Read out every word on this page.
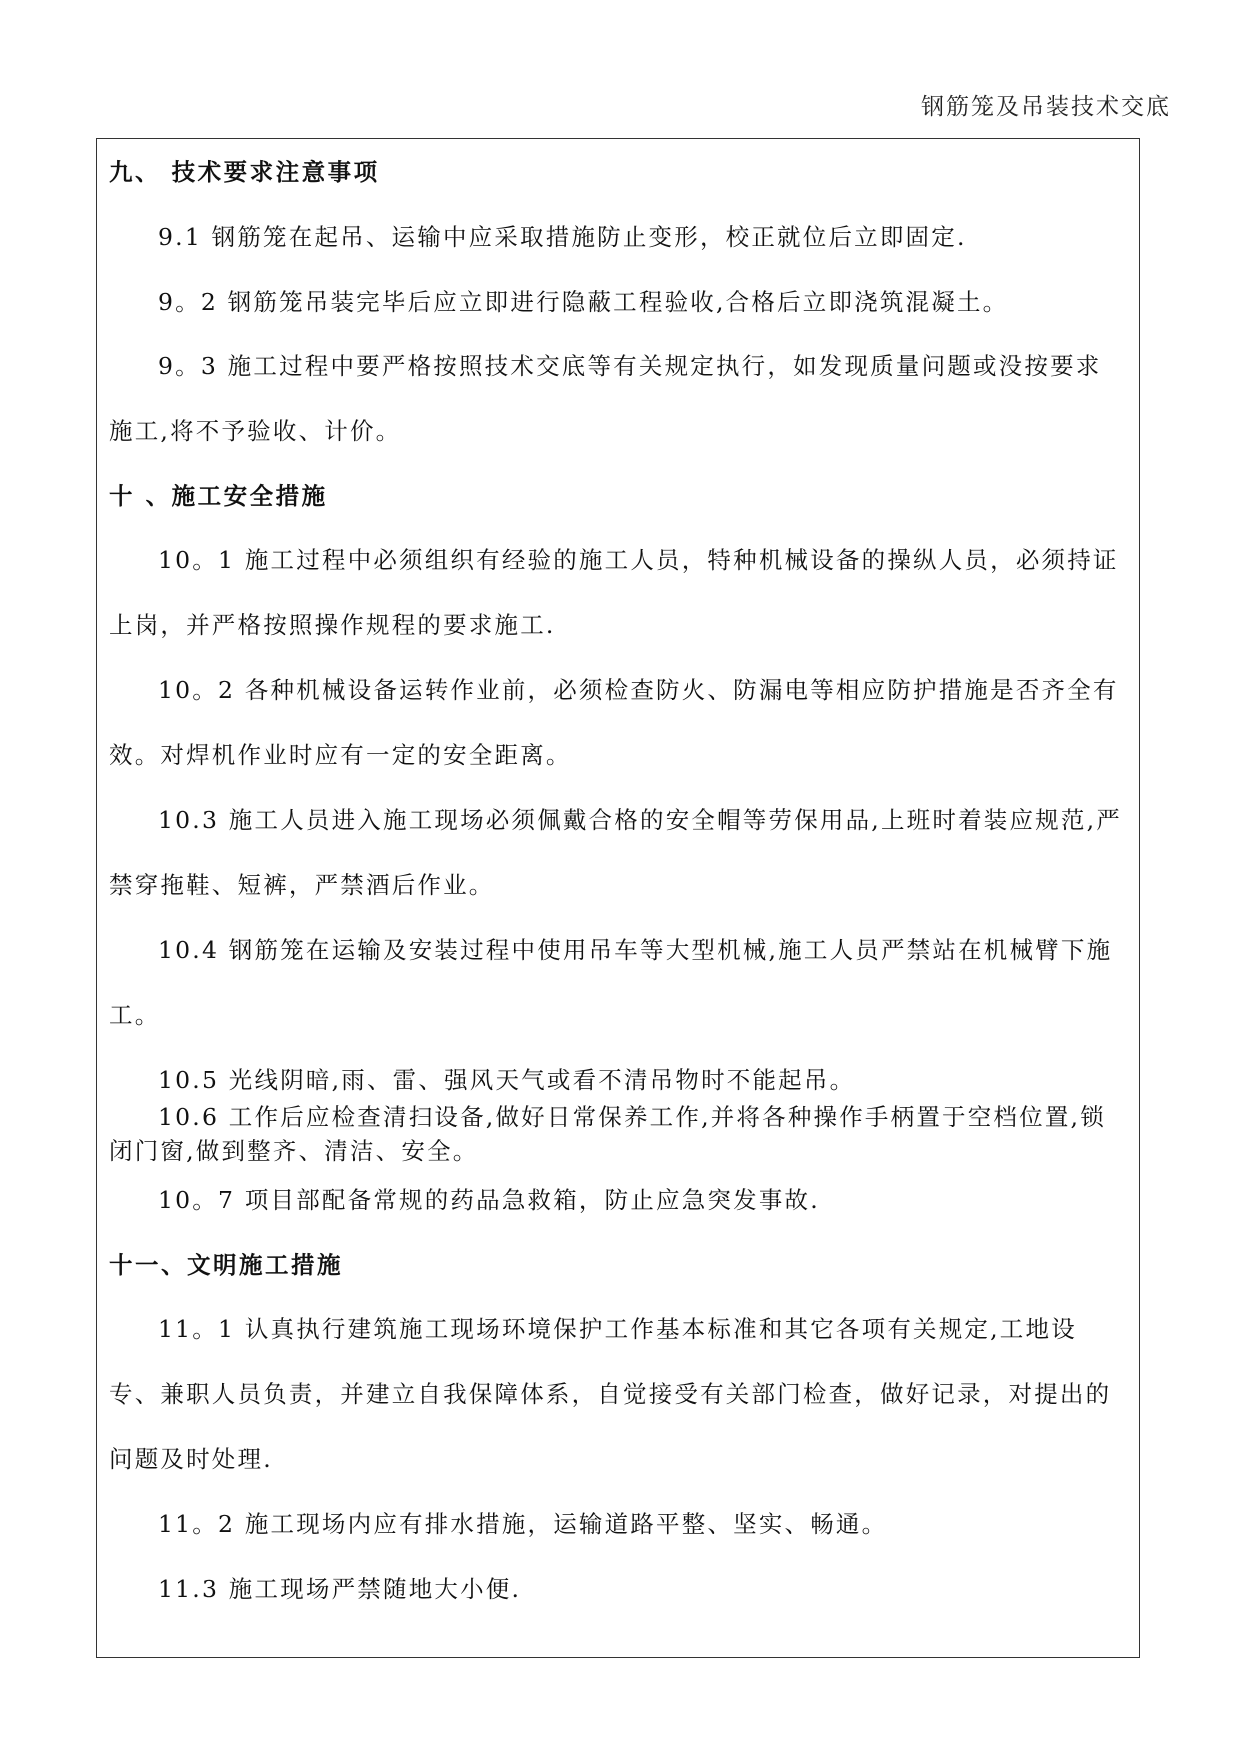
钢筋笼及吊装技术交底

九、 技术要求注意事项

9.1 钢筋笼在起吊、运输中应采取措施防止变形，校正就位后立即固定.

9。2 钢筋笼吊装完毕后应立即进行隐蔽工程验收,合格后立即浇筑混凝土。

9。3 施工过程中要严格按照技术交底等有关规定执行，如发现质量问题或没按要求施工,将不予验收、计价。

十 、施工安全措施

10。1 施工过程中必须组织有经验的施工人员，特种机械设备的操纵人员，必须持证上岗，并严格按照操作规程的要求施工.

10。2 各种机械设备运转作业前，必须检查防火、防漏电等相应防护措施是否齐全有效。对焊机作业时应有一定的安全距离。

10.3 施工人员进入施工现场必须佩戴合格的安全帽等劳保用品,上班时着装应规范,严禁穿拖鞋、短裤，严禁酒后作业。

10.4 钢筋笼在运输及安装过程中使用吊车等大型机械,施工人员严禁站在机械臂下施工。

10.5 光线阴暗,雨、雷、强风天气或看不清吊物时不能起吊。

10.6 工作后应检查清扫设备,做好日常保养工作,并将各种操作手柄置于空档位置,锁闭门窗,做到整齐、清洁、安全。

10。7 项目部配备常规的药品急救箱，防止应急突发事故.

十一、文明施工措施

11。1 认真执行建筑施工现场环境保护工作基本标准和其它各项有关规定,工地设专、兼职人员负责，并建立自我保障体系，自觉接受有关部门检查，做好记录，对提出的问题及时处理.

11。2 施工现场内应有排水措施，运输道路平整、坚实、畅通。

11.3 施工现场严禁随地大小便.
